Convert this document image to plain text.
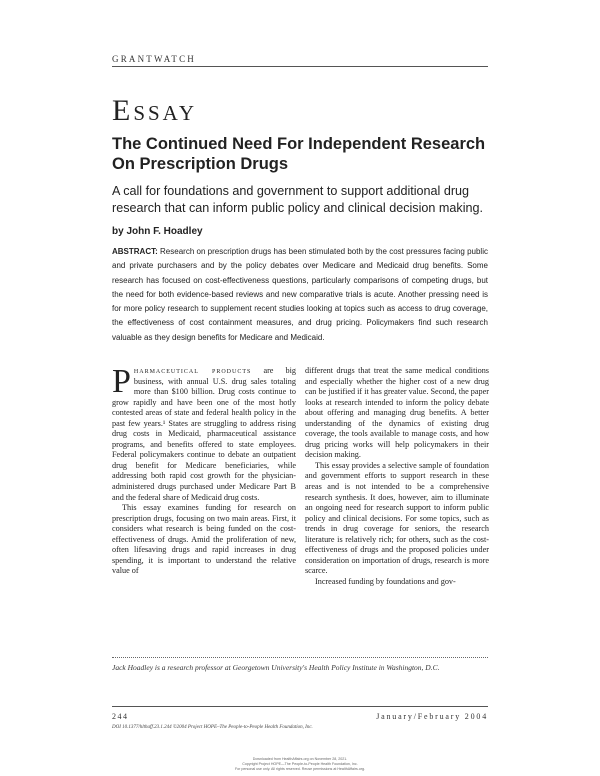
GRANTWATCH
Essay
The Continued Need For Independent Research On Prescription Drugs
A call for foundations and government to support additional drug research that can inform public policy and clinical decision making.
by John F. Hoadley
ABSTRACT: Research on prescription drugs has been stimulated both by the cost pressures facing public and private purchasers and by the policy debates over Medicare and Medicaid drug benefits. Some research has focused on cost-effectiveness questions, particularly comparisons of competing drugs, but the need for both evidence-based reviews and new comparative trials is acute. Another pressing need is for more policy research to supplement recent studies looking at topics such as access to drug coverage, the effectiveness of cost containment measures, and drug pricing. Policymakers find such research valuable as they design benefits for Medicare and Medicaid.

Pharmaceutical products are big business, with annual U.S. drug sales totaling more than $100 billion. Drug costs continue to grow rapidly and have been one of the most hotly contested areas of state and federal health policy in the past few years.¹ States are struggling to address rising drug costs in Medicaid, pharmaceutical assistance programs, and benefits offered to state employees. Federal policymakers continue to debate an outpatient drug benefit for Medicare beneficiaries, while addressing both rapid cost growth for the physician-administered drugs purchased under Medicare Part B and the federal share of Medicaid drug costs.

This essay examines funding for research on prescription drugs, focusing on two main areas. First, it considers what research is being funded on the cost-effectiveness of drugs. Amid the proliferation of new, often lifesaving drugs and rapid increases in drug spending, it is important to understand the relative value of

different drugs that treat the same medical conditions and especially whether the higher cost of a new drug can be justified if it has greater value. Second, the paper looks at research intended to inform the policy debate about offering and managing drug benefits. A better understanding of the dynamics of existing drug coverage, the tools available to manage costs, and how drug pricing works will help policymakers in their decision making.

This essay provides a selective sample of foundation and government efforts to support research in these areas and is not intended to be a comprehensive research synthesis. It does, however, aim to illuminate an ongoing need for research support to inform public policy and clinical decisions. For some topics, such as trends in drug coverage for seniors, the research literature is relatively rich; for others, such as the cost-effectiveness of drugs and the proposed policies under consideration on importation of drugs, research is more scarce.

Increased funding by foundations and gov-

Jack Hoadley is a research professor at Georgetown University's Health Policy Institute in Washington, D.C.
244	January/February 2004
DOI 10.1377/hlthaff.23.1.244 ©2004 Project HOPE–The People-to-People Health Foundation, Inc.
Downloaded from HealthAffairs.org on November 28, 2021.
Copyright Project HOPE—The People-to-People Health Foundation, Inc.
For personal use only. All rights reserved. Reuse permissions at HealthAffairs.org.
